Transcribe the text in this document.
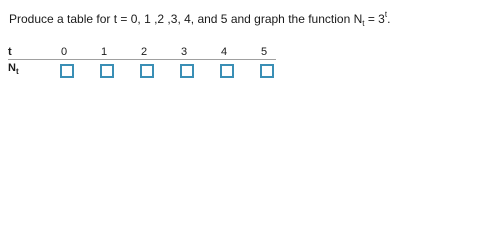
Produce a table for t = 0, 1 ,2 ,3, 4, and 5 and graph the function $N_t = 3^t$.
t	0	1	2	3	4	5
$N_t$
